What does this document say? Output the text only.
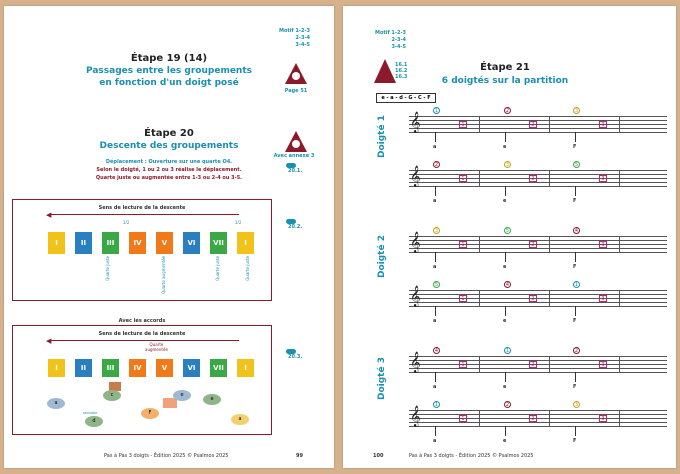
Motif 1-2-3
2-3-4
3-4-5
Étape 19 (14)
Passages entre les groupements
en fonction d'un doigt posé
Page 51
Étape 20
Descente des groupements
Avec annexe 3
Déplacement : Ouverture sur une quarte O4.
Selon le doigté, 1 ou 2 ou 3 réalise le déplacement.
Quarte juste ou augmentée entre 1-3 ou 2-4 ou 3-5.
20.1.
20.2.
20.3.
Sens de lecture de la descente
◀
1/2	1/2
I	II	III	IV	V	VI	VII	I
Quarte juste	Quarte augmentée	Quarte juste	Quarte juste
Avec les accords
Sens de lecture de la descente
◀	Quarte
augmentée
I	II	III	IV	V	VI	VII	I
a
c
sensible
d
F
e
e
a
Pas à Pas 3 doigts - Édition 2025 © Psalmos 2025	99
Motif 1-2-3
2-3-4
3-4-5
16.1
16.2
16.3
e - a - d - G - C - F
Étape 21
6 doigtés sur la partition
Doigté 1
Doigté 2
Doigté 3
𝄞
1	2	3
1	2	3
a	e	F
𝄞
2	3	5
1	2	3
a	e	F
𝄞
3	5	4
1	2	3
a	e	F
𝄞
5	4	1
1	2	3
a	e	F
𝄞
4	1	2
1	2	3
a	e	F
𝄞
1	2	3
1	2	3
a	e	F
Pas à Pas 3 doigts - Édition 2025 © Psalmos 2025
100
